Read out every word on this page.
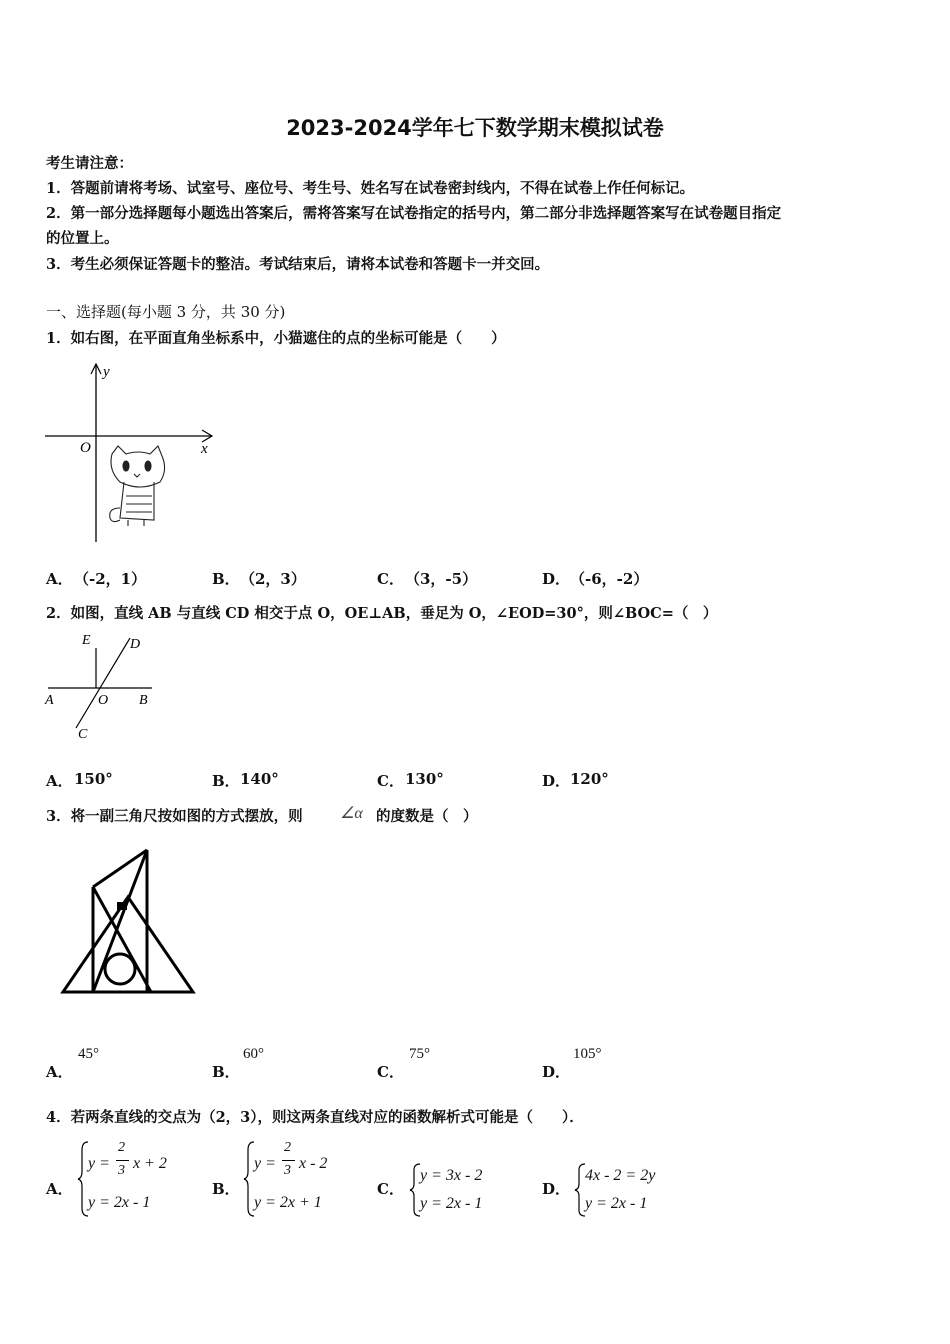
2023-2024学年七下数学期末模拟试卷
考生请注意：
1．答题前请将考场、试室号、座位号、考生号、姓名写在试卷密封线内，不得在试卷上作任何标记。
2．第一部分选择题每小题选出答案后，需将答案写在试卷指定的括号内，第二部分非选择题答案写在试卷题目指定
的位置上。
3．考生必须保证答题卡的整洁。考试结束后，请将本试卷和答题卡一并交回。
一、选择题(每小题 3 分，共 30 分)
1．如右图，在平面直角坐标系中，小猫遮住的点的坐标可能是（　　）
y
x
O
A． （-2，1）	B． （2，3）	C． （3，-5）	D． （-6，-2）
2．如图，直线 AB 与直线 CD 相交于点 O，OE⊥AB，垂足为 O，∠EOD=30°，则∠BOC=（　）
E	D
A	O B
C
A． 150°	B． 140°	C． 130°	D． 120°
3．将一副三角尺按如图的方式摆放，则 ∠α 的度数是（　）
A．
45°
B．
60°
C．
75°
D．
105°
4．若两条直线的交点为（2，3），则这两条直线对应的函数解析式可能是（　　）．
A．
y =
2
3 x + 2
y = 2x - 1
B．
y =
2
3 x - 2
y = 2x + 1
C．
y = 3x - 2
y = 2x - 1
D．
4x - 2 = 2y
y = 2x - 1
